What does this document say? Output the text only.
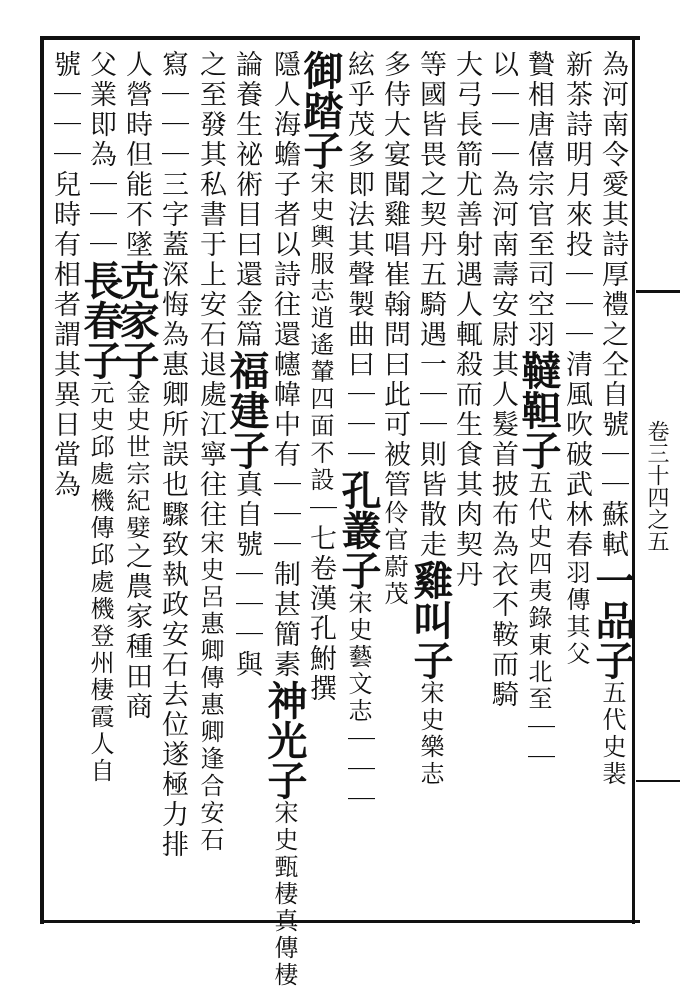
卷三十四之五
為河南令愛其詩厚禮之仝自號｜｜蘇軾一品子五代史裴
新茶詩明月來投｜｜｜清風吹破武林春羽傳其父
贄相唐僖宗官至司空羽韃靼子五代史四夷錄東北至｜｜
以｜｜｜為河南壽安尉其人髮首披布為衣不鞍而騎
大弓長箭尤善射遇人輒殺而生食其肉契丹
等國皆畏之契丹五騎遇一｜｜則皆散走雞叫子宋史樂志
多侍大宴聞雞唱崔翰問曰此可被管伶官蔚茂
絃乎茂多即法其聲製曲曰｜｜｜孔叢子宋史藝文志｜｜｜
御踏子宋史輿服志逍遙輦四面不設｜七卷漢孔鮒撰
隱人海蟾子者以詩往還幰幃中有｜｜｜制甚簡素神光子宋史甄棲真傳棲
論養生祕術目曰還金篇福建子真自號｜｜｜與
之至發其私書于上安石退處江寧往往宋史呂惠卿傳惠卿逢合安石
寫｜｜｜三字蓋深悔為惠卿所誤也驟致執政安石去位遂極力排
人營時但能不墜克家子金史世宗紀嬖之農家種田商
父業即為｜｜｜長春子元史邱處機傳邱處機登州棲霞人自
號｜｜｜兒時有相者謂其異日當為
